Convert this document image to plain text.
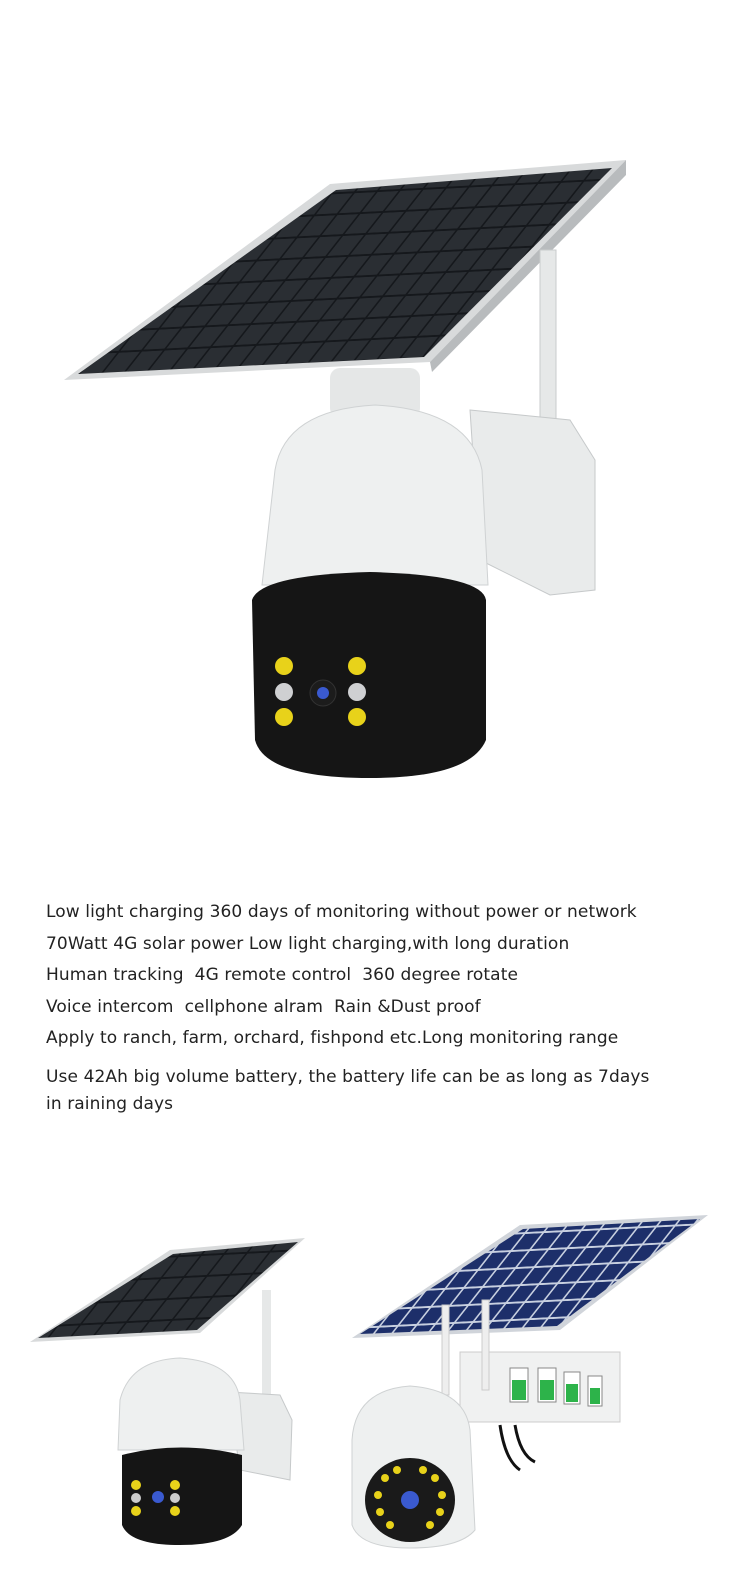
Low light charging 360 days of monitoring without power or network

70Watt 4G solar power Low light charging,with long duration

Human tracking  4G remote control  360 degree rotate

Voice intercom  cellphone alram  Rain &Dust proof

Apply to ranch, farm, orchard, fishpond etc.Long monitoring range

Use 42Ah big volume battery, the battery life can be as long as 7days in raining days
